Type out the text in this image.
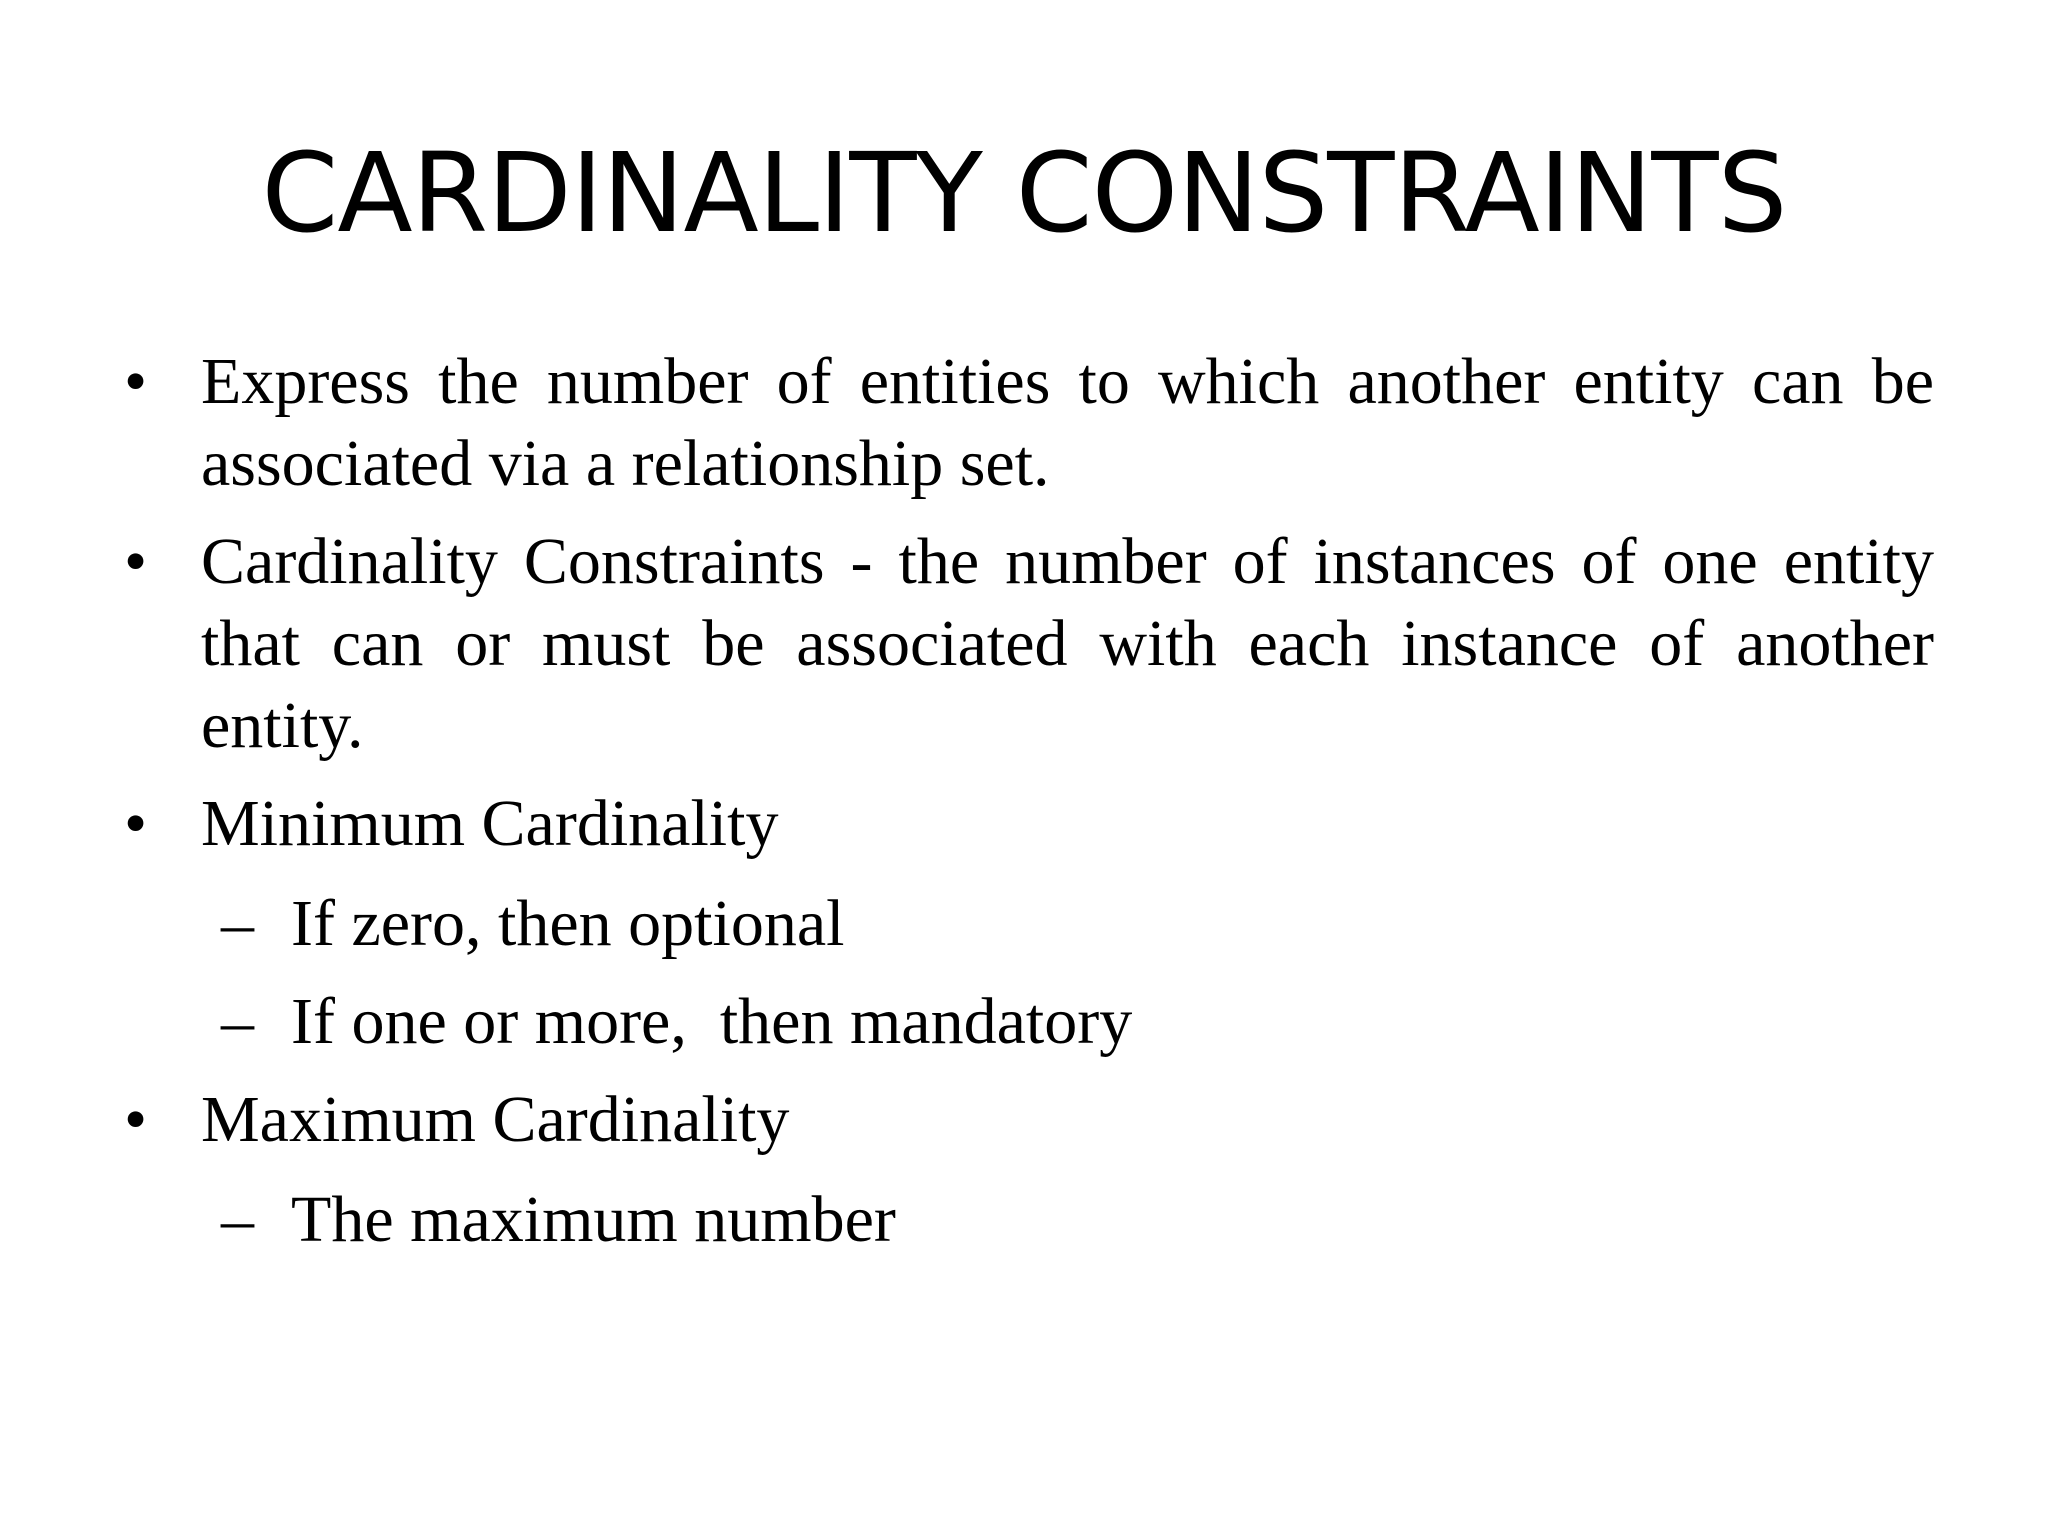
CARDINALITY CONSTRAINTS
• Express the number of entities to which another entity can be
associated via a relationship set.
• Cardinality Constraints - the number of instances of one entity
that can or must be associated with each instance of another
entity.
• Minimum Cardinality
– If zero, then optional
– If one or more,  then mandatory
• Maximum Cardinality
– The maximum number
